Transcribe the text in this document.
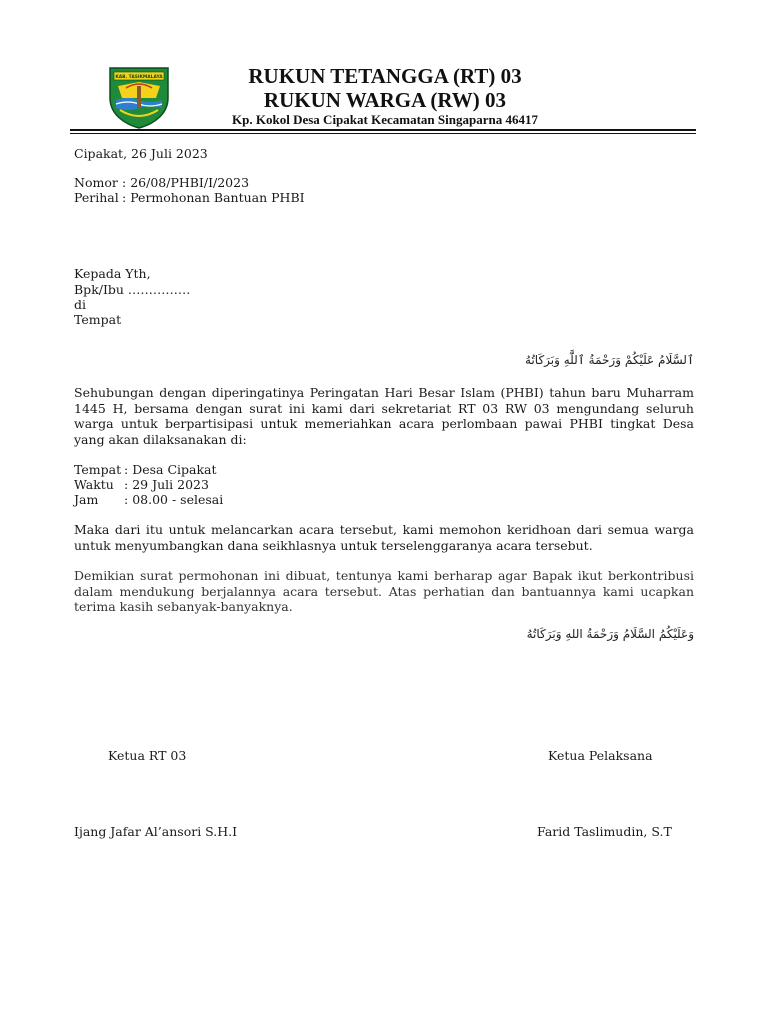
KAB. TASIKMALAYA	RUKUN TETANGGA (RT) 03
RUKUN WARGA (RW) 03
Kp. Kokol Desa Cipakat Kecamatan Singaparna 46417
Cipakat, 26 Juli 2023
Nomor : 26/08/PHBI/I/2023
Perihal : Permohonan Bantuan PHBI
Kepada Yth,
Bpk/Ibu ……………
di
Tempat
ٱلسَّلَامُ عَلَيْكُمْ وَرَحْمَةُ ٱللَّٰهِ وَبَرَكَاتُهُ

Sehubungan dengan diperingatinya Peringatan Hari Besar Islam (PHBI) tahun baru Muharram 1445 H, bersama dengan surat ini kami dari sekretariat RT 03 RW 03 mengundang seluruh warga untuk berpartisipasi untuk memeriahkan acara perlombaan pawai PHBI tingkat Desa yang akan dilaksanakan di:

Tempat : Desa Cipakat
Waktu : 29 Juli 2023
Jam : 08.00 - selesai

Maka dari itu untuk melancarkan acara tersebut, kami memohon keridhoan dari semua warga untuk menyumbangkan dana seikhlasnya untuk terselenggaranya acara tersebut.

Demikian surat permohonan ini dibuat, tentunya kami berharap agar Bapak ikut berkontribusi dalam mendukung berjalannya acara tersebut. Atas perhatian dan bantuannya kami ucapkan terima kasih sebanyak-banyaknya.

وَعَلَيْكُمُ السَّلَامُ وَرَحْمَةُ اللهِ وَبَرَكَاتُهُ
Ketua RT 03	Ketua Pelaksana
Ijang Jafar Al’ansori S.H.I	Farid Taslimudin, S.T
